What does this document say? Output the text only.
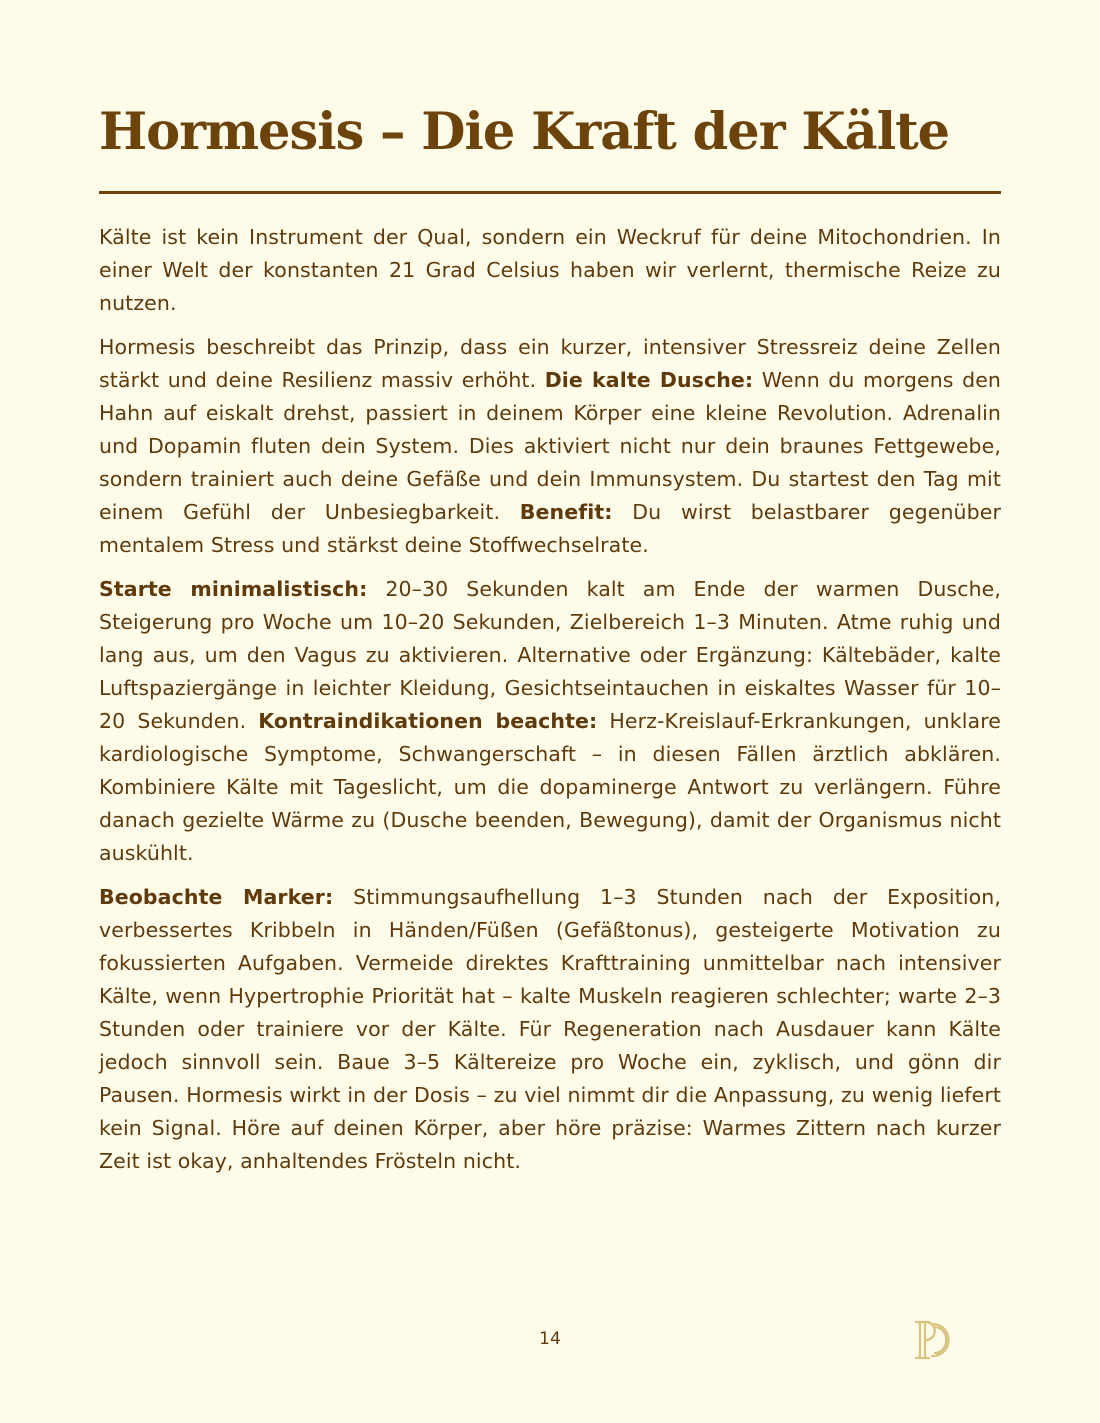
Hormesis – Die Kraft der Kälte

Kälte ist kein Instrument der Qual, sondern ein Weckruf für deine Mitochondrien. In einer Welt der konstanten 21 Grad Celsius haben wir verlernt, thermische Reize zu nutzen.

Hormesis beschreibt das Prinzip, dass ein kurzer, intensiver Stressreiz deine Zellen stärkt und deine Resilienz massiv erhöht. Die kalte Dusche: Wenn du morgens den Hahn auf eiskalt drehst, passiert in deinem Körper eine kleine Revolution. Adrenalin und Dopamin fluten dein System. Dies aktiviert nicht nur dein braunes Fettgewebe, sondern trainiert auch deine Gefäße und dein Immunsystem. Du startest den Tag mit einem Gefühl der Unbesiegbarkeit. Benefit: Du wirst belastbarer gegenüber mentalem Stress und stärkst deine Stoffwechselrate.

Starte minimalistisch: 20–30 Sekunden kalt am Ende der warmen Dusche, Steigerung pro Woche um 10–20 Sekunden, Zielbereich 1–3 Minuten. Atme ruhig und lang aus, um den Vagus zu aktivieren. Alternative oder Ergänzung: Kältebäder, kalte Luftspaziergänge in leichter Kleidung, Gesichtseintauchen in eiskaltes Wasser für 10–20 Sekunden. Kontraindikationen beachte: Herz-Kreislauf-Erkrankungen, unklare kardiologische Symptome, Schwangerschaft – in diesen Fällen ärztlich abklären. Kombiniere Kälte mit Tageslicht, um die dopaminerge Antwort zu verlängern. Führe danach gezielte Wärme zu (Dusche beenden, Bewegung), damit der Organismus nicht auskühlt.

Beobachte Marker: Stimmungsaufhellung 1–3 Stunden nach der Exposition, verbessertes Kribbeln in Händen/Füßen (Gefäßtonus), gesteigerte Motivation zu fokussierten Aufgaben. Vermeide direktes Krafttraining unmittelbar nach intensiver Kälte, wenn Hypertrophie Priorität hat – kalte Muskeln reagieren schlechter; warte 2–3 Stunden oder trainiere vor der Kälte. Für Regeneration nach Ausdauer kann Kälte jedoch sinnvoll sein. Baue 3–5 Kältereize pro Woche ein, zyklisch, und gönn dir Pausen. Hormesis wirkt in der Dosis – zu viel nimmt dir die Anpassung, zu wenig liefert kein Signal. Höre auf deinen Körper, aber höre präzise: Warmes Zittern nach kurzer Zeit ist okay, anhaltendes Frösteln nicht.

14
